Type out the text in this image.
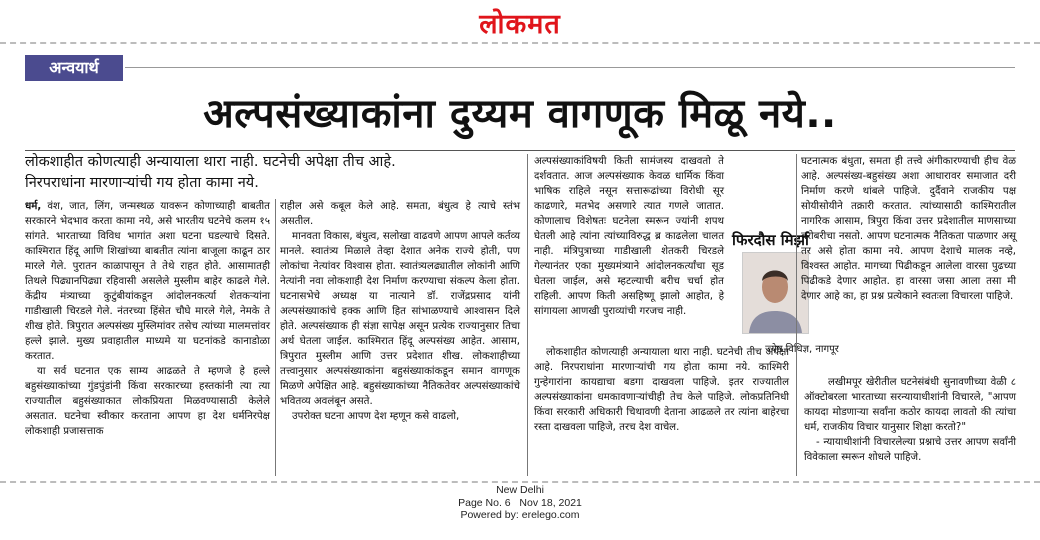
लोकमत
अन्वयार्थ
अल्पसंख्याकांना दुय्यम वागणूक मिळू नये..
लोकशाहीत कोणत्याही अन्यायाला थारा नाही. घटनेची अपेक्षा तीच आहे.
निरपराधांना मारणाऱ्यांची गय होता कामा नये.

धर्म, वंश, जात, लिंग, जन्मस्थळ यावरून कोणाच्याही बाबतीत सरकारने भेदभाव करता कामा नये, असे भारतीय घटनेचे कलम १५ सांगते. भारताच्या विविध भागांत अशा घटना घडल्याचे दिसते. काश्मिरात हिंदू आणि शिखांच्या बाबतीत त्यांना बाजूला काढून ठार मारले गेले. पुरातन काळापासून ते तेथे राहत होते. आसामातही तिथले पिढ्यानपिढ्या रहिवासी असलेले मुस्लीम बाहेर काढले गेले. केंद्रीय मंत्र्याच्या कुटुंबीयांकडून आंदोलनकर्त्या शेतकऱ्यांना गाडीखाली चिरडले गेले. नंतरच्या हिंसेत चौघे मारले गेले, नेमके ते शीख होते. त्रिपुरात अल्पसंख्य मुस्लिमांवर तसेच त्यांच्या मालमत्तांवर हल्ले झाले. मुख्य प्रवाहातील माध्यमे या घटनांकडे कानाडोळा करतात.

या सर्व घटनात एक साम्य आढळते ते म्हणजे हे हल्ले बहुसंख्याकांच्या गुंडपुंडांनी किंवा सरकारच्या हस्तकांनी त्या त्या राज्यातील बहुसंख्याकात लोकप्रियता मिळवण्यासाठी केलेले असतात. घटनेचा स्वीकार करताना आपण हा देश धर्मनिरपेक्ष लोकशाही प्रजासत्ताक

राहील असे कबूल केले आहे. समता, बंधुत्व हे त्याचे स्तंभ असतील.

मानवता विकास, बंधुत्व, सलोखा वाढवणे आपण आपले कर्तव्य मानले. स्वातंत्र्य मिळाले तेव्हा देशात अनेक राज्ये होती, पण लोकांचा नेत्यांवर विश्वास होता. स्वातंत्र्यलढ्यातील लोकांनी आणि नेत्यांनी नवा लोकशाही देश निर्माण करण्याचा संकल्प केला होता. घटनासभेचे अध्यक्ष या नात्याने डॉ. राजेंद्रप्रसाद यांनी अल्पसंख्याकांचे हक्क आणि हित सांभाळण्याचे आश्वासन दिले होते. अल्पसंख्याक ही संज्ञा सापेक्ष असून प्रत्येक राज्यानुसार तिचा अर्थ घेतला जाईल. काश्मिरात हिंदू अल्पसंख्य आहेत. आसाम, त्रिपुरात मुस्लीम आणि उत्तर प्रदेशात शीख. लोकशाहीच्या तत्त्वानुसार अल्पसंख्याकांना बहुसंख्याकांकडून समान वागणूक मिळणे अपेक्षित आहे. बहुसंख्याकांच्या नैतिकतेवर अल्पसंख्याकांचे भवितव्य अवलंबून असते.

उपरोक्त घटना आपण देश म्हणून कसे वाढलो,

अल्पसंख्याकांविषयी किती सामंजस्य दाखवतो ते दर्शवतात. आज अल्पसंख्याक केवळ धार्मिक किंवा भाषिक राहिले नसून सत्तारूढांच्या विरोधी सूर काढणारे, मतभेद असणारे त्यात गणले जातात. कोणालाच विशेषतः घटनेला स्मरून ज्यांनी शपथ घेतली आहे त्यांना त्यांच्याविरुद्ध ब्र काढलेला चालत नाही. मंत्रिपुत्राच्या गाडीखाली शेतकरी चिरडले गेल्यानंतर एका मुख्यमंत्र्याने आंदोलनकर्त्यांचा सूड घेतला जाईल, असे म्हटल्याची बरीच चर्चा होत राहिली. आपण किती असहिष्णू झालो आहोत, हे सांगायला आणखी पुराव्यांची गरजच नाही.

फिरदौस मिर्झा
ज्येष्ठ विधिज्ञ, नागपूर

लोकशाहीत कोणत्याही अन्यायाला थारा नाही. घटनेची तीच अपेक्षा आहे. निरपराधांना मारणाऱ्यांची गय होता कामा नये. काश्मिरी गुन्हेगारांना कायद्याचा बडगा दाखवला पाहिजे. इतर राज्यातील अल्पसंख्याकांना धमकावणाऱ्यांचीही तेच केले पाहिजे. लोकप्रतिनिधी किंवा सरकारी अधिकारी चिथावणी देताना आढळले तर त्यांना बाहेरचा रस्ता दाखवला पाहिजे, तरच देश वाचेल.

घटनात्मक बंधुता, समता ही तत्त्वे अंगीकारण्याची हीच वेळ आहे. अल्पसंख्य-बहुसंख्य अशा आधारावर समाजात दरी निर्माण करणे थांबले पाहिजे. दुर्दैवाने राजकीय पक्ष सोयीसोयीने तक्रारी करतात. त्यांच्यासाठी काश्मिरातील नागरिक आसाम, त्रिपुरा किंवा उत्तर प्रदेशातील माणसाच्या बरोबरीचा नसतो. आपण घटनात्मक नैतिकता पाळणार असू तर असे होता कामा नये. आपण देशाचे मालक नव्हे, विश्वस्त आहोत. मागच्या पिढीकडून आलेला वारसा पुढच्या पिढीकडे देणार आहोत. हा वारसा जसा आला तसा मी देणार आहे का, हा प्रश्न प्रत्येकाने स्वतःला विचारला पाहिजे.

लखीमपूर खेरीतील घटनेसंबंधी सुनावणीच्या वेळी ८ ऑक्टोबरला भारताच्या सरन्यायाधीशांनी विचारले, "आपण कायदा मोडणाऱ्या सर्वांना कठोर कायदा लावतो की त्यांचा धर्म, राजकीय विचार यानुसार शिक्षा करतो?"

- न्यायाधीशांनी विचारलेल्या प्रश्नाचे उत्तर आपण सर्वांनी विवेकाला स्मरून शोधले पाहिजे.

New Delhi
Page No. 6 Nov 18, 2021
Powered by: erelego.com
